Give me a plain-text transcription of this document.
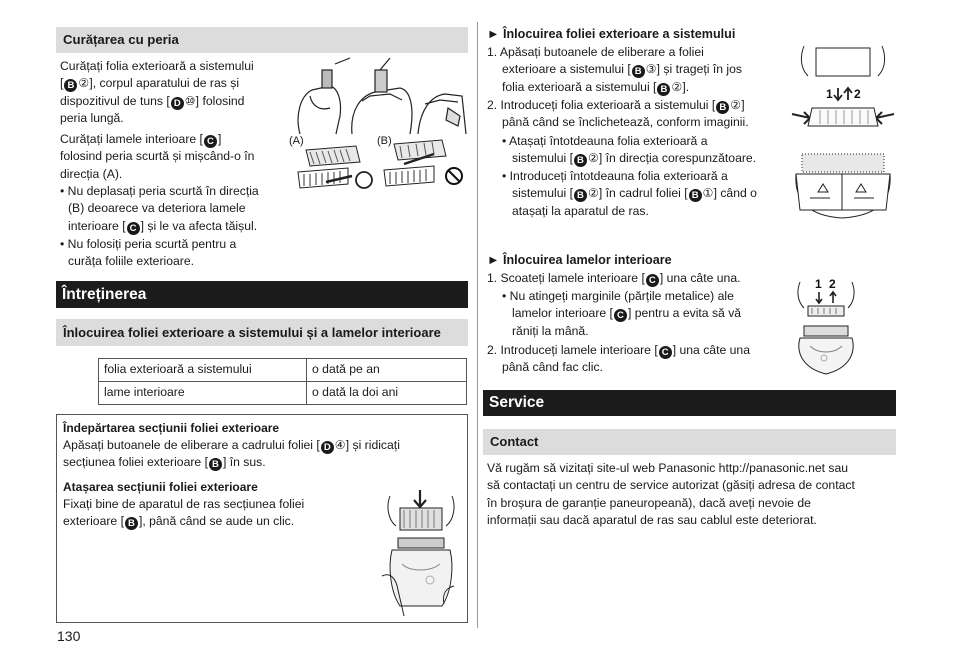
Curățarea cu peria
Curățați folia exterioară a sistemului
[ B ②], corpul aparatului de ras și
dispozitivul de tuns [ D ⑩] folosind
peria lungă.
Curățați lamele interioare [ C ]
folosind peria scurtă și mișcând-o în
direcția (A).
• Nu deplasați peria scurtă în direcția
(B) deoarece va deteriora lamele
interioare [ C ] și le va afecta tăișul.
• Nu folosiți peria scurtă pentru a
curăța foliile exterioare.
(A)	(B)
Întreținerea
Înlocuirea foliei exterioare a sistemului și a lamelor interioare
folia exterioară a sistemului	o dată pe an
lame interioare	o dată la doi ani
Îndepărtarea secțiunii foliei exterioare
Apăsați butoanele de eliberare a cadrului foliei [ D ④] și ridicați
secțiunea foliei exterioare [ B ] în sus.
Atașarea secțiunii foliei exterioare
Fixați bine de aparatul de ras secțiunea foliei
exterioare [ B ], până când se aude un clic.
130
► Înlocuirea foliei exterioare a sistemului
1. Apăsați butoanele de eliberare a foliei
exterioare a sistemului [ B ③] și trageți în jos
folia exterioară a sistemului [ B ②].
2. Introduceți folia exterioară a sistemului [ B ②]
până când se înclichetează, conform imaginii.
• Atașați întotdeauna folia exterioară a
sistemului [ B ②] în direcția corespunzătoare.
• Introduceți întotdeauna folia exterioară a
sistemului [ B ②] în cadrul foliei [ B ①] când o
atașați la aparatul de ras.
1 2
► Înlocuirea lamelor interioare
1. Scoateți lamele interioare [ C ] una câte una.
• Nu atingeți marginile (părțile metalice) ale
lamelor interioare [ C ] pentru a evita să vă
răniți la mână.
2. Introduceți lamele interioare [ C ] una câte una
până când fac clic.
1 2
Service
Contact
Vă rugăm să vizitați site-ul web Panasonic http://panasonic.net sau
să contactați un centru de service autorizat (găsiți adresa de contact
în broșura de garanție paneuropeană), dacă aveți nevoie de
informații sau dacă aparatul de ras sau cablul este deteriorat.
